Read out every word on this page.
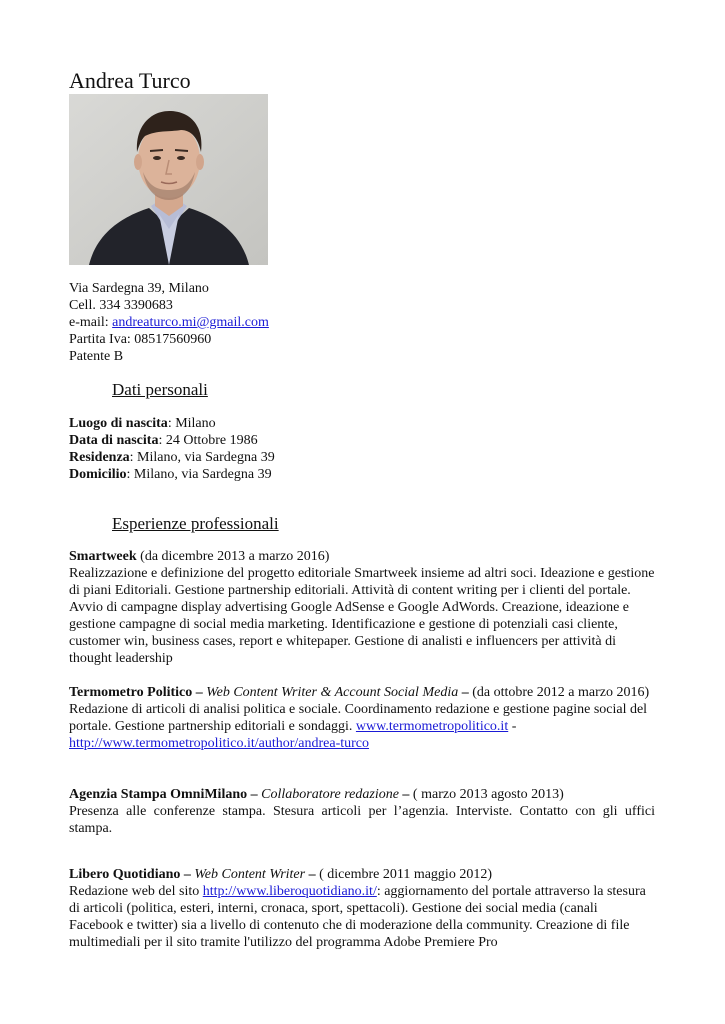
Andrea Turco
Via Sardegna 39, Milano
Cell. 334 3390683
e-mail: andreaturco.mi@gmail.com
Partita Iva: 08517560960
Patente B
Dati personali

Luogo di nascita: Milano

Data di nascita: 24 Ottobre 1986

Residenza: Milano, via Sardegna 39

Domicilio: Milano, via Sardegna 39

Esperienze professionali

Smartweek (da dicembre 2013 a marzo 2016)

Realizzazione e definizione del progetto editoriale Smartweek insieme ad altri soci. Ideazione e gestione di piani Editoriali. Gestione partnership editoriali. Attività di content writing per i clienti del portale. Avvio di campagne display advertising Google AdSense e Google AdWords. Creazione, ideazione e gestione campagne di social media marketing. Identificazione e gestione di potenziali casi cliente, customer win, business cases, report e whitepaper. Gestione di analisti e influencers per attività di thought leadership

Termometro Politico – Web Content Writer & Account Social Media – (da ottobre 2012 a marzo 2016)

Redazione di articoli di analisi politica e sociale. Coordinamento redazione e gestione pagine social del portale. Gestione partnership editoriali e sondaggi. www.termometropolitico.it -
http://www.termometropolitico.it/author/andrea-turco

Agenzia Stampa OmniMilano – Collaboratore redazione – ( marzo 2013 agosto 2013)

Presenza alle conferenze stampa. Stesura articoli per l’agenzia. Interviste. Contatto con gli uffici stampa.

Libero Quotidiano – Web Content Writer – ( dicembre 2011 maggio 2012)

Redazione web del sito http://www.liberoquotidiano.it/: aggiornamento del portale attraverso la stesura di articoli (politica, esteri, interni, cronaca, sport, spettacoli). Gestione dei social media (canali Facebook e twitter) sia a livello di contenuto che di moderazione della community. Creazione di file multimediali per il sito tramite l'utilizzo del programma Adobe Premiere Pro
